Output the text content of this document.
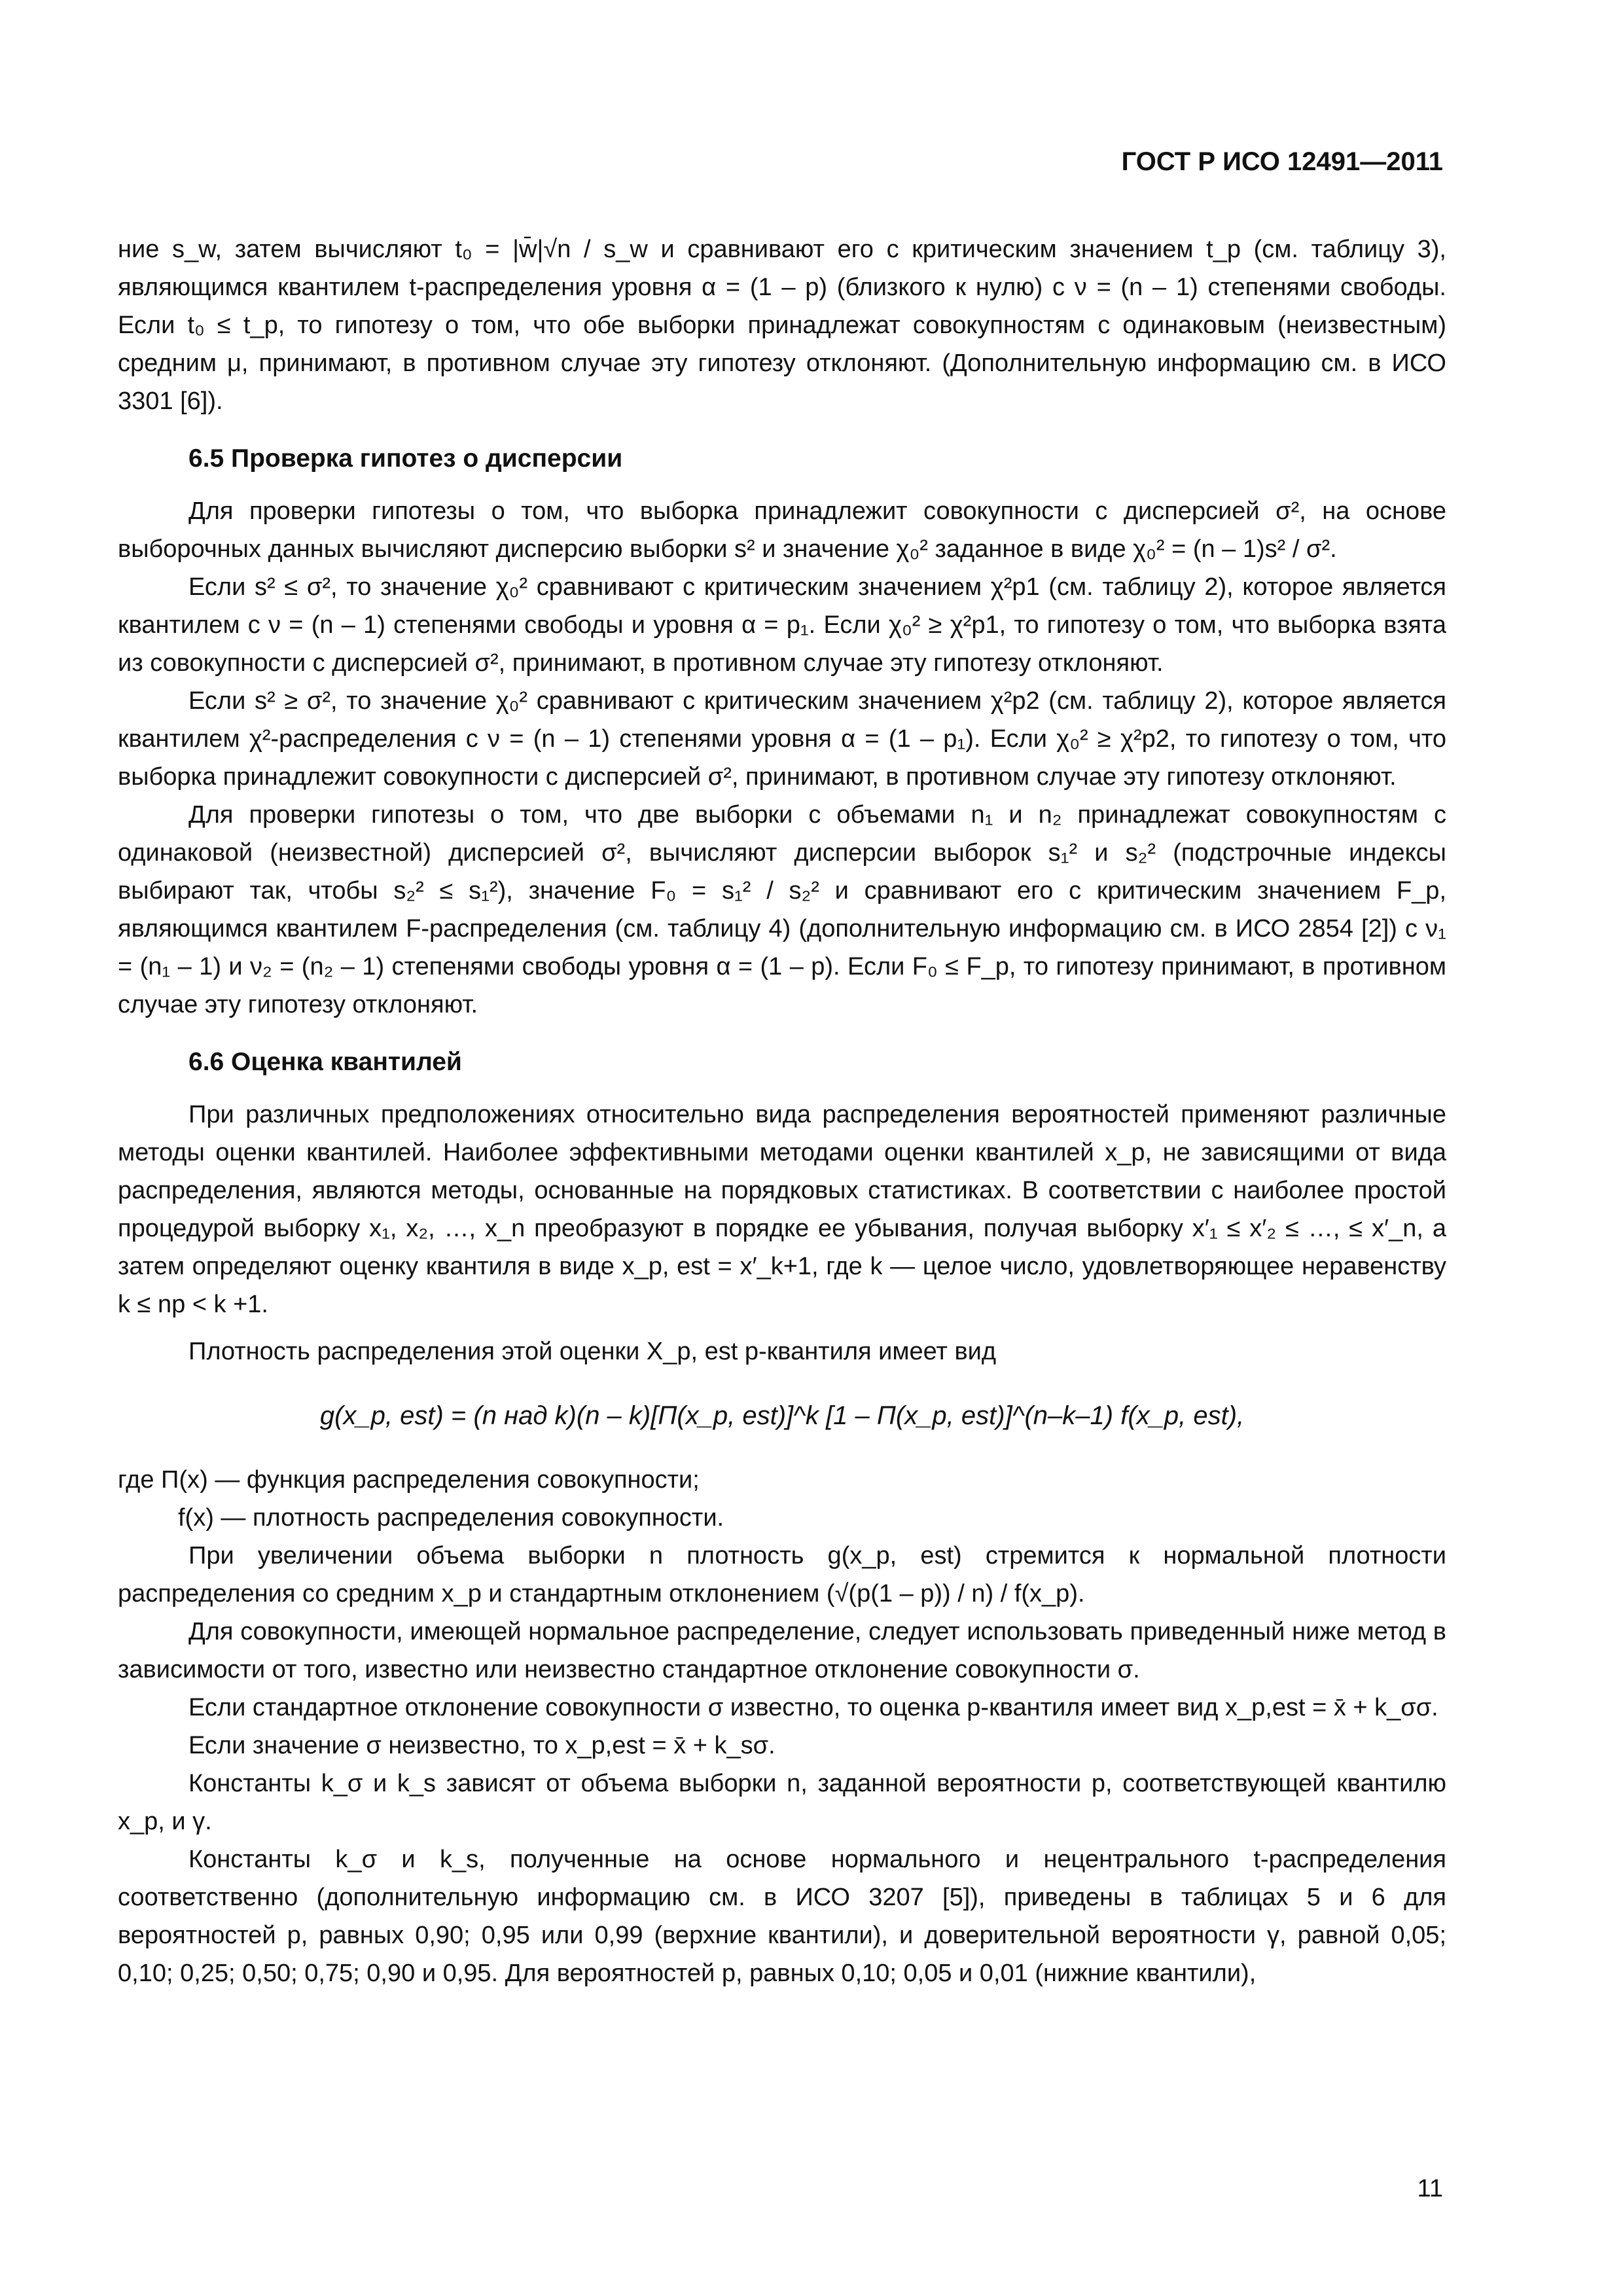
ГОСТ Р ИСО 12491—2011

ние s_w, затем вычисляют t₀ = |w̄|√n / s_w и сравнивают его с критическим значением t_p (см. таблицу 3), являющимся квантилем t-распределения уровня α = (1 – p) (близкого к нулю) с ν = (n – 1) степенями свободы. Если t₀ ≤ t_p, то гипотезу о том, что обе выборки принадлежат совокупностям с одинаковым (неизвестным) средним μ, принимают, в противном случае эту гипотезу отклоняют. (Дополнительную информацию см. в ИСО 3301 [6]).

6.5 Проверка гипотез о дисперсии

Для проверки гипотезы о том, что выборка принадлежит совокупности с дисперсией σ², на основе выборочных данных вычисляют дисперсию выборки s² и значение χ₀² заданное в виде χ₀² = (n – 1)s² / σ².

Если s² ≤ σ², то значение χ₀² сравнивают с критическим значением χ²p1 (см. таблицу 2), которое является квантилем с ν = (n – 1) степенями свободы и уровня α = p₁. Если χ₀² ≥ χ²p1, то гипотезу о том, что выборка взята из совокупности с дисперсией σ², принимают, в противном случае эту гипотезу отклоняют.

Если s² ≥ σ², то значение χ₀² сравнивают с критическим значением χ²p2 (см. таблицу 2), которое является квантилем χ²-распределения с ν = (n – 1) степенями уровня α = (1 – p₁). Если χ₀² ≥ χ²p2, то гипотезу о том, что выборка принадлежит совокупности с дисперсией σ², принимают, в противном случае эту гипотезу отклоняют.

Для проверки гипотезы о том, что две выборки с объемами n₁ и n₂ принадлежат совокупностям с одинаковой (неизвестной) дисперсией σ², вычисляют дисперсии выборок s₁² и s₂² (подстрочные индексы выбирают так, чтобы s₂² ≤ s₁²), значение F₀ = s₁² / s₂² и сравнивают его с критическим значением F_p, являющимся квантилем F-распределения (см. таблицу 4) (дополнительную информацию см. в ИСО 2854 [2]) с ν₁ = (n₁ – 1) и ν₂ = (n₂ – 1) степенями свободы уровня α = (1 – p). Если F₀ ≤ F_p, то гипотезу принимают, в противном случае эту гипотезу отклоняют.

6.6 Оценка квантилей

При различных предположениях относительно вида распределения вероятностей применяют различные методы оценки квантилей. Наиболее эффективными методами оценки квантилей x_p, не зависящими от вида распределения, являются методы, основанные на порядковых статистиках. В соответствии с наиболее простой процедурой выборку x₁, x₂, …, x_n преобразуют в порядке ее убывания, получая выборку x′₁ ≤ x′₂ ≤ …, ≤ x′_n, а затем определяют оценку квантиля в виде x_p, est = x′_k+1, где k — целое число, удовлетворяющее неравенству k ≤ np < k +1.

Плотность распределения этой оценки X_p, est p-квантиля имеет вид

g(x_p, est) = (n над k)(n – k)[Π(x_p, est)]^k [1 – Π(x_p, est)]^(n–k–1) f(x_p, est),

где Π(x) — функция распределения совокупности;

f(x) — плотность распределения совокупности.

При увеличении объема выборки n плотность g(x_p, est) стремится к нормальной плотности распределения со средним x_p и стандартным отклонением (√(p(1 – p)) / n) / f(x_p).

Для совокупности, имеющей нормальное распределение, следует использовать приведенный ниже метод в зависимости от того, известно или неизвестно стандартное отклонение совокупности σ.

Если стандартное отклонение совокупности σ известно, то оценка p-квантиля имеет вид x_p,est = x̄ + k_σσ.

Если значение σ неизвестно, то x_p,est = x̄ + k_sσ.

Константы k_σ и k_s зависят от объема выборки n, заданной вероятности p, соответствующей квантилю x_p, и γ.

Константы k_σ и k_s, полученные на основе нормального и нецентрального t-распределения соответственно (дополнительную информацию см. в ИСО 3207 [5]), приведены в таблицах 5 и 6 для вероятностей p, равных 0,90; 0,95 или 0,99 (верхние квантили), и доверительной вероятности γ, равной 0,05; 0,10; 0,25; 0,50; 0,75; 0,90 и 0,95. Для вероятностей p, равных 0,10; 0,05 и 0,01 (нижние квантили),

11
